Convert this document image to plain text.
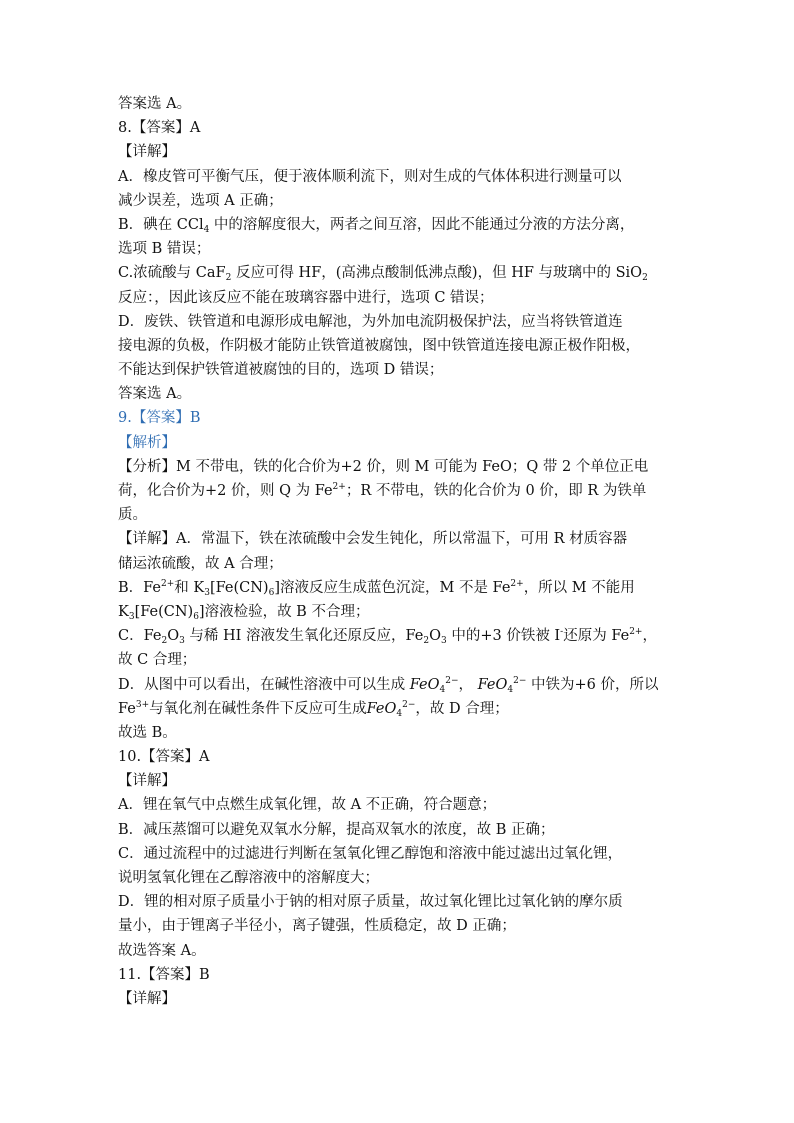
答案选 A。
8.【答案】A
【详解】
A．橡皮管可平衡气压，便于液体顺利流下，则对生成的气体体积进行测量可以
减少误差，选项 A 正确；
B．碘在 CCl$_4$ 中的溶解度很大，两者之间互溶，因此不能通过分液的方法分离，
选项 B 错误；
C.浓硫酸与 CaF$_2$ 反应可得 HF，(高沸点酸制低沸点酸)，但 HF 与玻璃中的 SiO$_2$
反应：，因此该反应不能在玻璃容器中进行，选项 C 错误；
D．废铁、铁管道和电源形成电解池，为外加电流阴极保护法，应当将铁管道连
接电源的负极，作阴极才能防止铁管道被腐蚀，图中铁管道连接电源正极作阳极，
不能达到保护铁管道被腐蚀的目的，选项 D 错误；
答案选 A。
9.【答案】B
【解析】
【分析】M 不带电，铁的化合价为+2 价，则 M 可能为 FeO；Q 带 2 个单位正电
荷，化合价为+2 价，则 Q 为 $Fe^{2+}$；R 不带电，铁的化合价为 0 价，即 R 为铁单
质。
【详解】A．常温下，铁在浓硫酸中会发生钝化，所以常温下，可用 R 材质容器
储运浓硫酸，故 A 合理；
B．$Fe^{2+}$和 $K_3[Fe(CN)_6]$溶液反应生成蓝色沉淀，M 不是 $Fe^{2+}$，所以 M 不能用
$K_3[Fe(CN)_6]$溶液检验，故 B 不合理；
C．$Fe_2O_3$ 与稀 HI 溶液发生氧化还原反应，$Fe_2O_3$ 中的+3 价铁被 I-还原为 $Fe^{2+}$，
故 C 合理；
D．从图中可以看出，在碱性溶液中可以生成 FeO$_4^{2-}$， FeO$_4^{2-}$ 中铁为+6 价，所以
$Fe^{3+}$与氧化剂在碱性条件下反应可生成FeO$_4^{2-}$，故 D 合理；
故选 B。
10.【答案】A
【详解】
A．锂在氧气中点燃生成氧化锂，故 A 不正确，符合题意；
B．减压蒸馏可以避免双氧水分解，提高双氧水的浓度，故 B 正确；
C．通过流程中的过滤进行判断在氢氧化锂乙醇饱和溶液中能过滤出过氧化锂，
说明氢氧化锂在乙醇溶液中的溶解度大；
D．锂的相对原子质量小于钠的相对原子质量，故过氧化锂比过氧化钠的摩尔质
量小，由于锂离子半径小，离子键强，性质稳定，故 D 正确；
故选答案 A。
11.【答案】B
【详解】
